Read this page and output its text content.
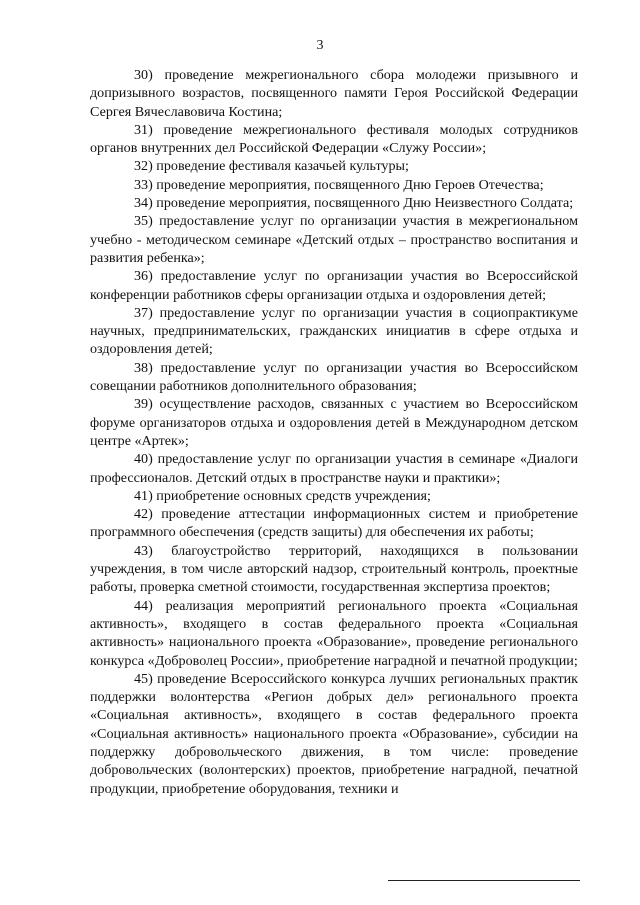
3

30) проведение межрегионального сбора молодежи призывного и допризывного возрастов, посвященного памяти Героя Российской Федерации Сергея Вячеславовича Костина;

31) проведение межрегионального фестиваля молодых сотрудников органов внутренних дел Российской Федерации «Служу России»;

32) проведение фестиваля казачьей культуры;

33) проведение мероприятия, посвященного Дню Героев Отечества;

34) проведение мероприятия, посвященного Дню Неизвестного Солдата;

35) предоставление услуг по организации участия в межрегиональном учебно - методическом семинаре «Детский отдых – пространство воспитания и развития ребенка»;

36) предоставление услуг по организации участия во Всероссийской конференции работников сферы организации отдыха и оздоровления детей;

37) предоставление услуг по организации участия в социопрактикуме научных, предпринимательских, гражданских инициатив в сфере отдыха и оздоровления детей;

38) предоставление услуг по организации участия во Всероссийском совещании работников дополнительного образования;

39) осуществление расходов, связанных с участием во Всероссийском форуме организаторов отдыха и оздоровления детей в Международном детском центре «Артек»;

40) предоставление услуг по организации участия в семинаре «Диалоги профессионалов. Детский отдых в пространстве науки и практики»;

41) приобретение основных средств учреждения;

42) проведение аттестации информационных систем и приобретение программного обеспечения (средств защиты) для обеспечения их работы;

43) благоустройство территорий, находящихся в пользовании учреждения, в том числе авторский надзор, строительный контроль, проектные работы, проверка сметной стоимости, государственная экспертиза проектов;

44) реализация мероприятий регионального проекта «Социальная активность», входящего в состав федерального проекта «Социальная активность» национального проекта «Образование», проведение регионального конкурса «Доброволец России», приобретение наградной и печатной продукции;

45) проведение Всероссийского конкурса лучших региональных практик поддержки волонтерства «Регион добрых дел» регионального проекта «Социальная активность», входящего в состав федерального проекта «Социальная активность» национального проекта «Образование», субсидии на поддержку добровольческого движения, в том числе: проведение добровольческих (волонтерских) проектов, приобретение наградной, печатной продукции, приобретение оборудования, техники и
